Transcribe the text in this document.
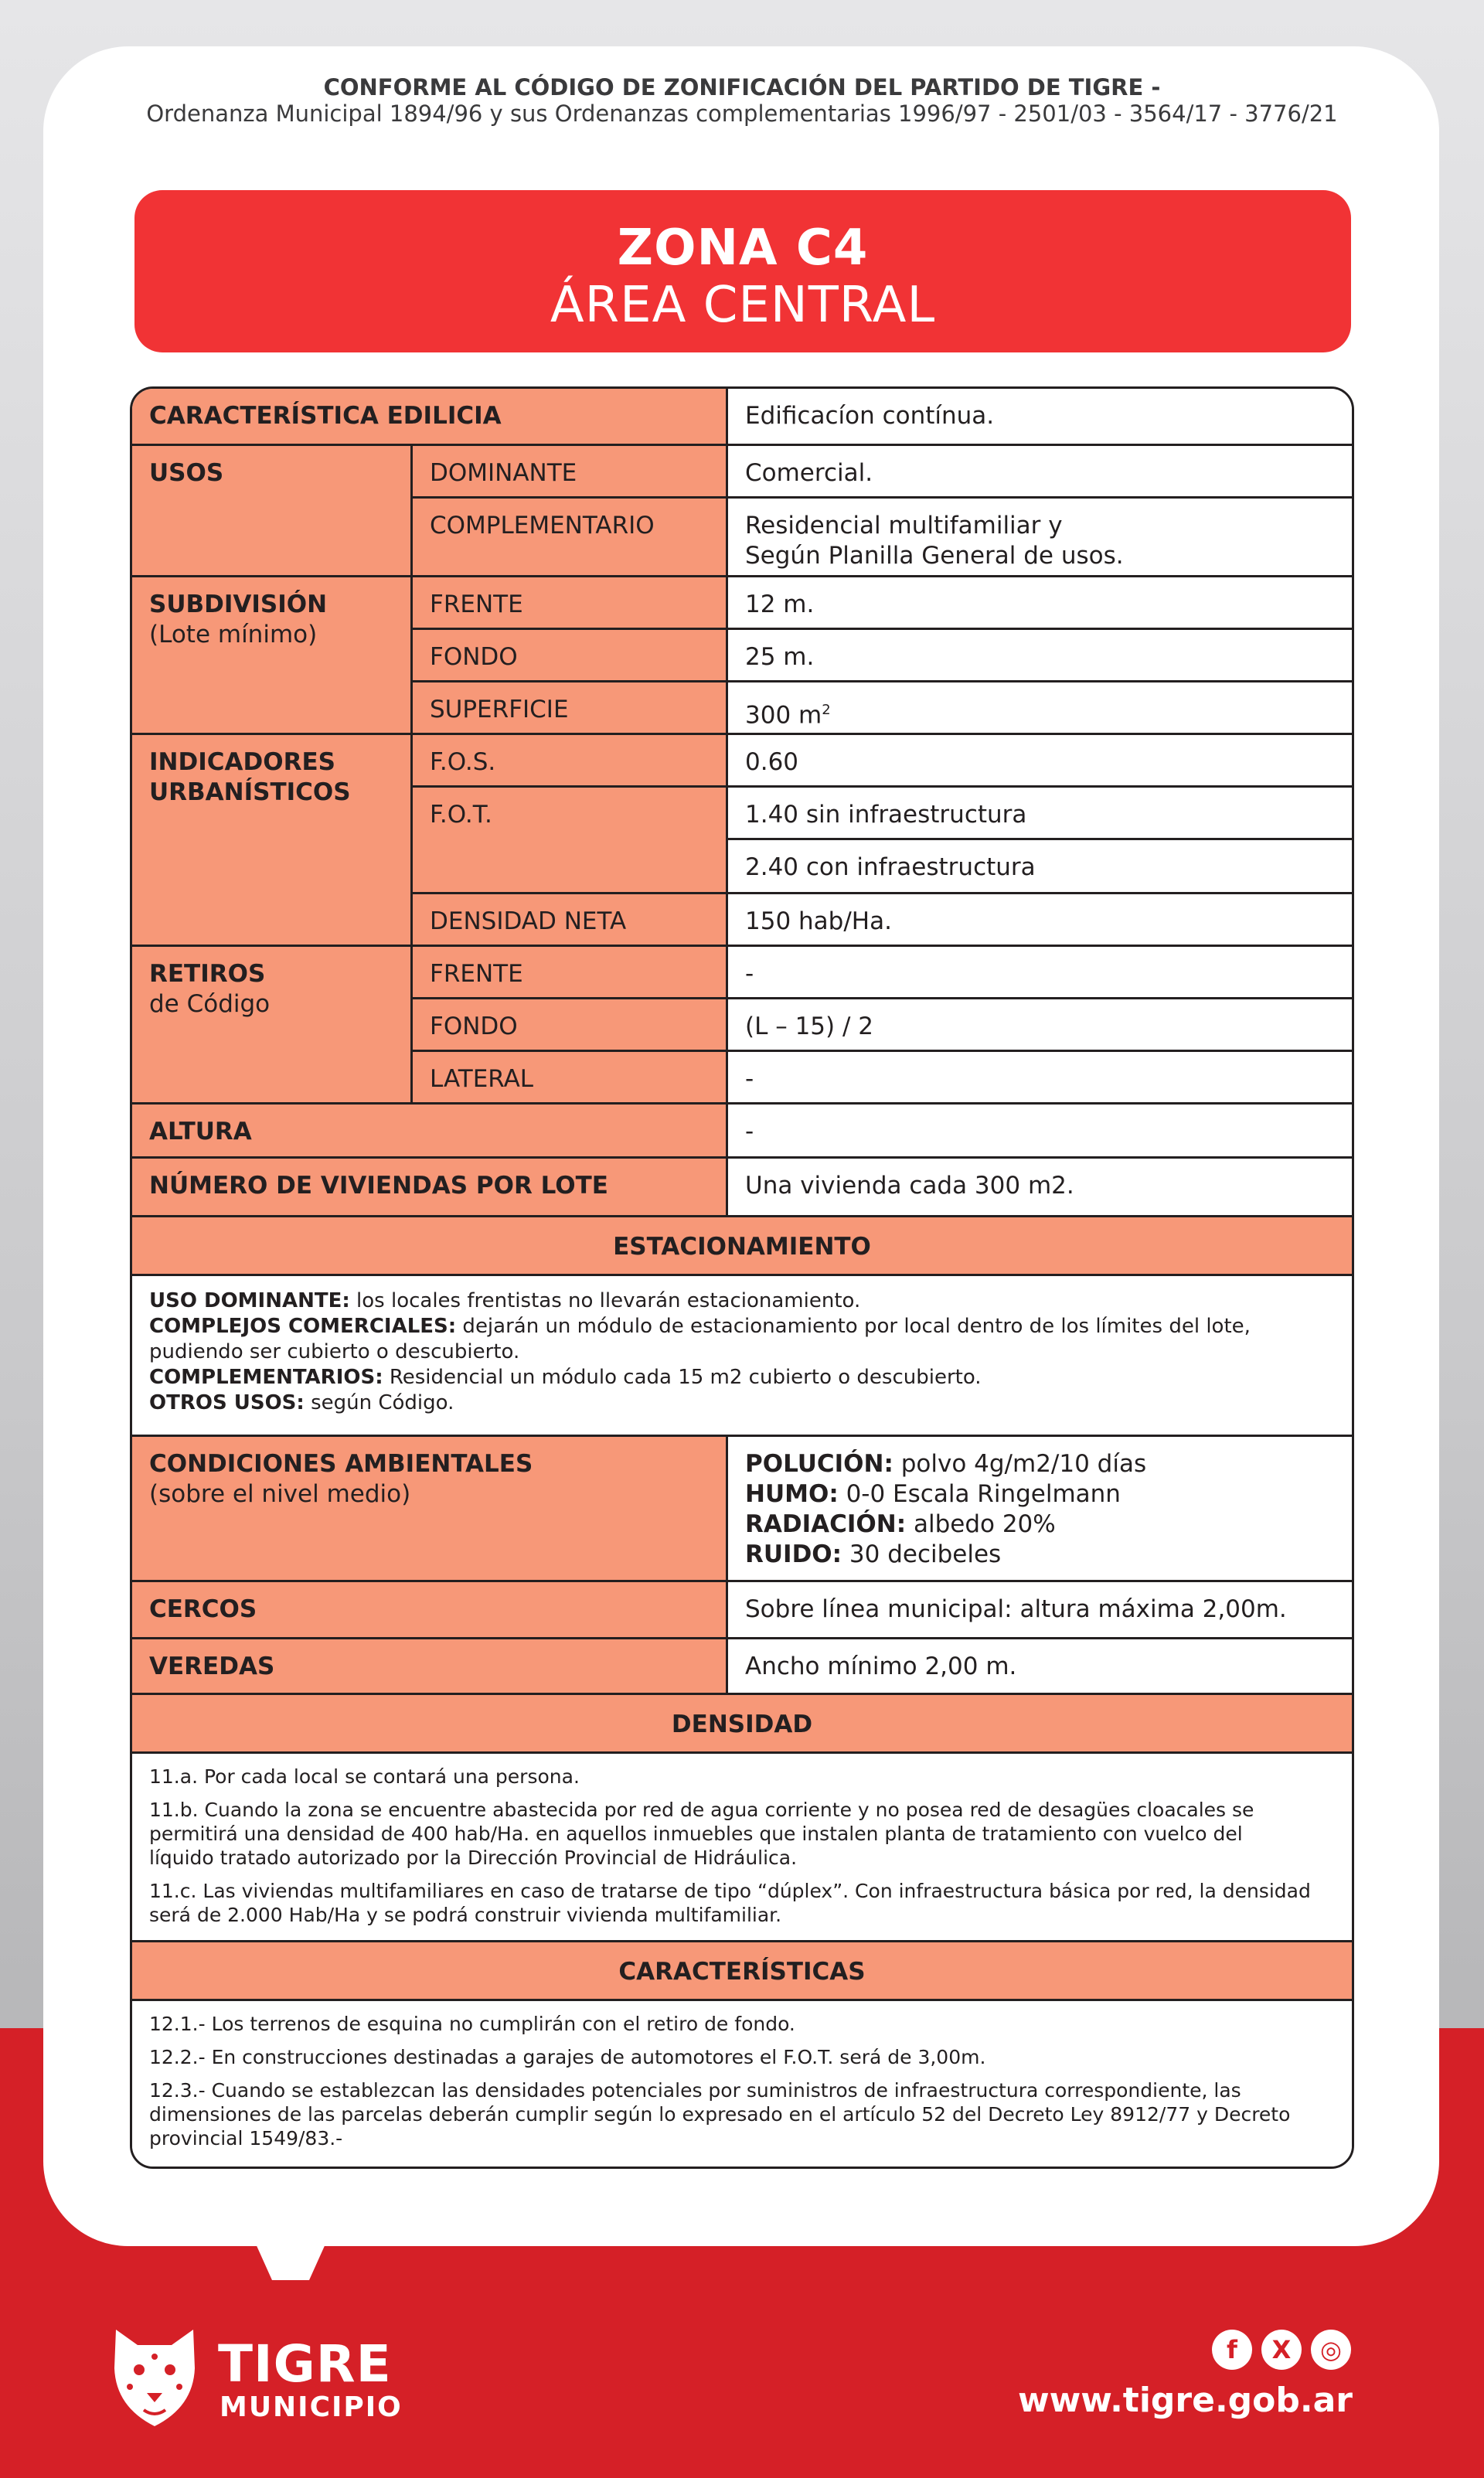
CONFORME AL CÓDIGO DE ZONIFICACIÓN DEL PARTIDO DE TIGRE -
Ordenanza Municipal 1894/96 y sus Ordenanzas complementarias 1996/97 - 2501/03 - 3564/17 - 3776/21
ZONA C4
ÁREA CENTRAL
CARACTERÍSTICA EDILICIA	Edificacíon contínua.
USOS	DOMINANTE	Comercial.
COMPLEMENTARIO	Residencial multifamiliar y
Según Planilla General de usos.
SUBDIVISIÓN
(Lote mínimo)
FRENTE	12 m.
FONDO	25 m.
SUPERFICIE	300 $m^2$
INDICADORES
URBANÍSTICOS
F.O.S.	0.60
F.O.T.	1.40 sin infraestructura
2.40 con infraestructura
DENSIDAD NETA	150 hab/Ha.
RETIROS
de Código
FRENTE	-
FONDO	(L – 15) / 2
LATERAL	-
ALTURA	-
NÚMERO DE VIVIENDAS POR LOTE	Una vivienda cada 300 m2.
ESTACIONAMIENTO
USO DOMINANTE: los locales frentistas no llevarán estacionamiento.
COMPLEJOS COMERCIALES: dejarán un módulo de estacionamiento por local dentro de los límites del lote,
pudiendo ser cubierto o descubierto.
COMPLEMENTARIOS: Residencial un módulo cada 15 m2 cubierto o descubierto.
OTROS USOS: según Código.
CONDICIONES AMBIENTALES
(sobre el nivel medio)
POLUCIÓN: polvo 4g/m2/10 días
HUMO: 0-0 Escala Ringelmann
RADIACIÓN: albedo 20%
RUIDO: 30 decibeles
CERCOS	Sobre línea municipal: altura máxima 2,00m.
VEREDAS	Ancho mínimo 2,00 m.
DENSIDAD
11.a. Por cada local se contará una persona.
11.b. Cuando la zona se encuentre abastecida por red de agua corriente y no posea red de desagües cloacales se
permitirá una densidad de 400 hab/Ha. en aquellos inmuebles que instalen planta de tratamiento con vuelco del
líquido tratado autorizado por la Dirección Provincial de Hidráulica.
11.c. Las viviendas multifamiliares en caso de tratarse de tipo “dúplex”. Con infraestructura básica por red, la densidad
será de 2.000 Hab/Ha y se podrá construir vivienda multifamiliar.
CARACTERÍSTICAS
12.1.- Los terrenos de esquina no cumplirán con el retiro de fondo.
12.2.- En construcciones destinadas a garajes de automotores el F.O.T. será de 3,00m.
12.3.- Cuando se establezcan las densidades potenciales por suministros de infraestructura correspondiente, las
dimensiones de las parcelas deberán cumplir según lo expresado en el artículo 52 del Decreto Ley 8912/77 y Decreto
provincial 1549/83.-
TIGRE
MUNICIPIO
f	X	◎
www.tigre.gob.ar
